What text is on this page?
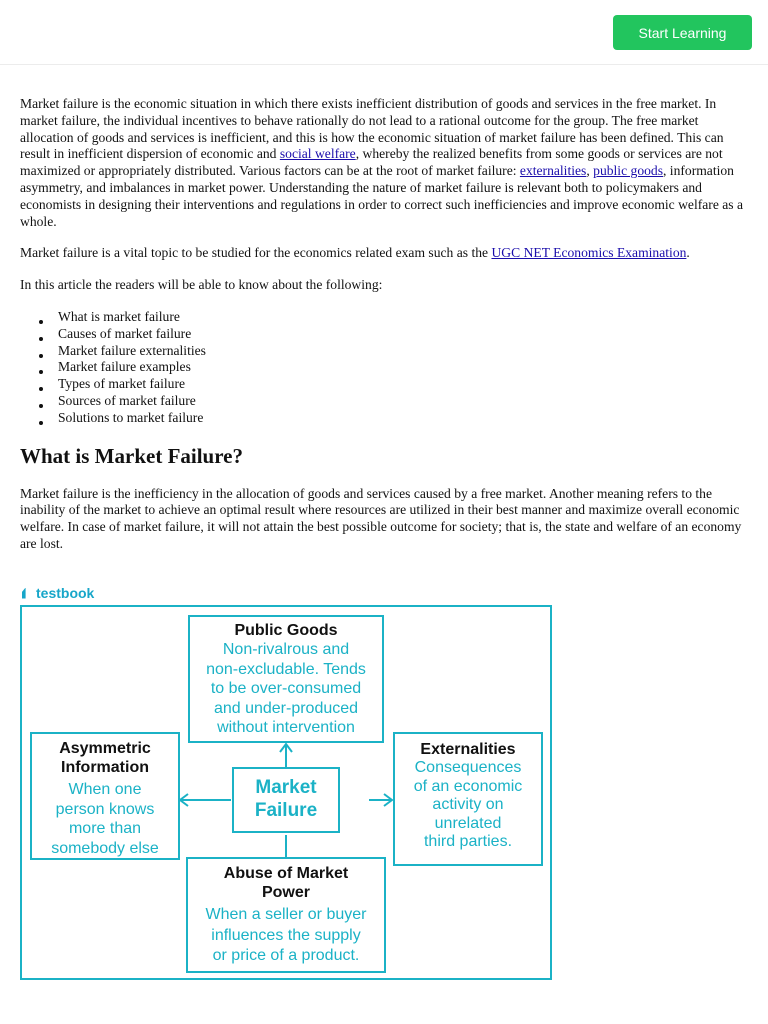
Start Learning

Market failure is the economic situation in which there exists inefficient distribution of goods and services in the free market. In market failure, the individual incentives to behave rationally do not lead to a rational outcome for the group. The free market allocation of goods and services is inefficient, and this is how the economic situation of market failure has been defined. This can result in inefficient dispersion of economic and social welfare, whereby the realized benefits from some goods or services are not maximized or appropriately distributed. Various factors can be at the root of market failure: externalities, public goods, information asymmetry, and imbalances in market power. Understanding the nature of market failure is relevant both to policymakers and economists in designing their interventions and regulations in order to correct such inefficiencies and improve economic welfare as a whole.

Market failure is a vital topic to be studied for the economics related exam such as the UGC NET Economics Examination.

In this article the readers will be able to know about the following:

What is market failure
Causes of market failure
Market failure externalities
Market failure examples
Types of market failure
Sources of market failure
Solutions to market failure
What is Market Failure?

Market failure is the inefficiency in the allocation of goods and services caused by a free market. Another meaning refers to the inability of the market to achieve an optimal result where resources are utilized in their best manner and maximize overall economic welfare. In case of market failure, it will not attain the best possible outcome for society; that is, the state and welfare of an economy are lost.

testbook
Public Goods
Non-rivalrous and
non-excludable. Tends
to be over-consumed
and under-produced
without intervention
Asymmetric
Information
When one
person knows
more than
somebody else
Market
Failure
Externalities
Consequences
of an economic
activity on
unrelated
third parties.
Abuse of Market
Power
When a seller or buyer
influences the supply
or price of a product.
